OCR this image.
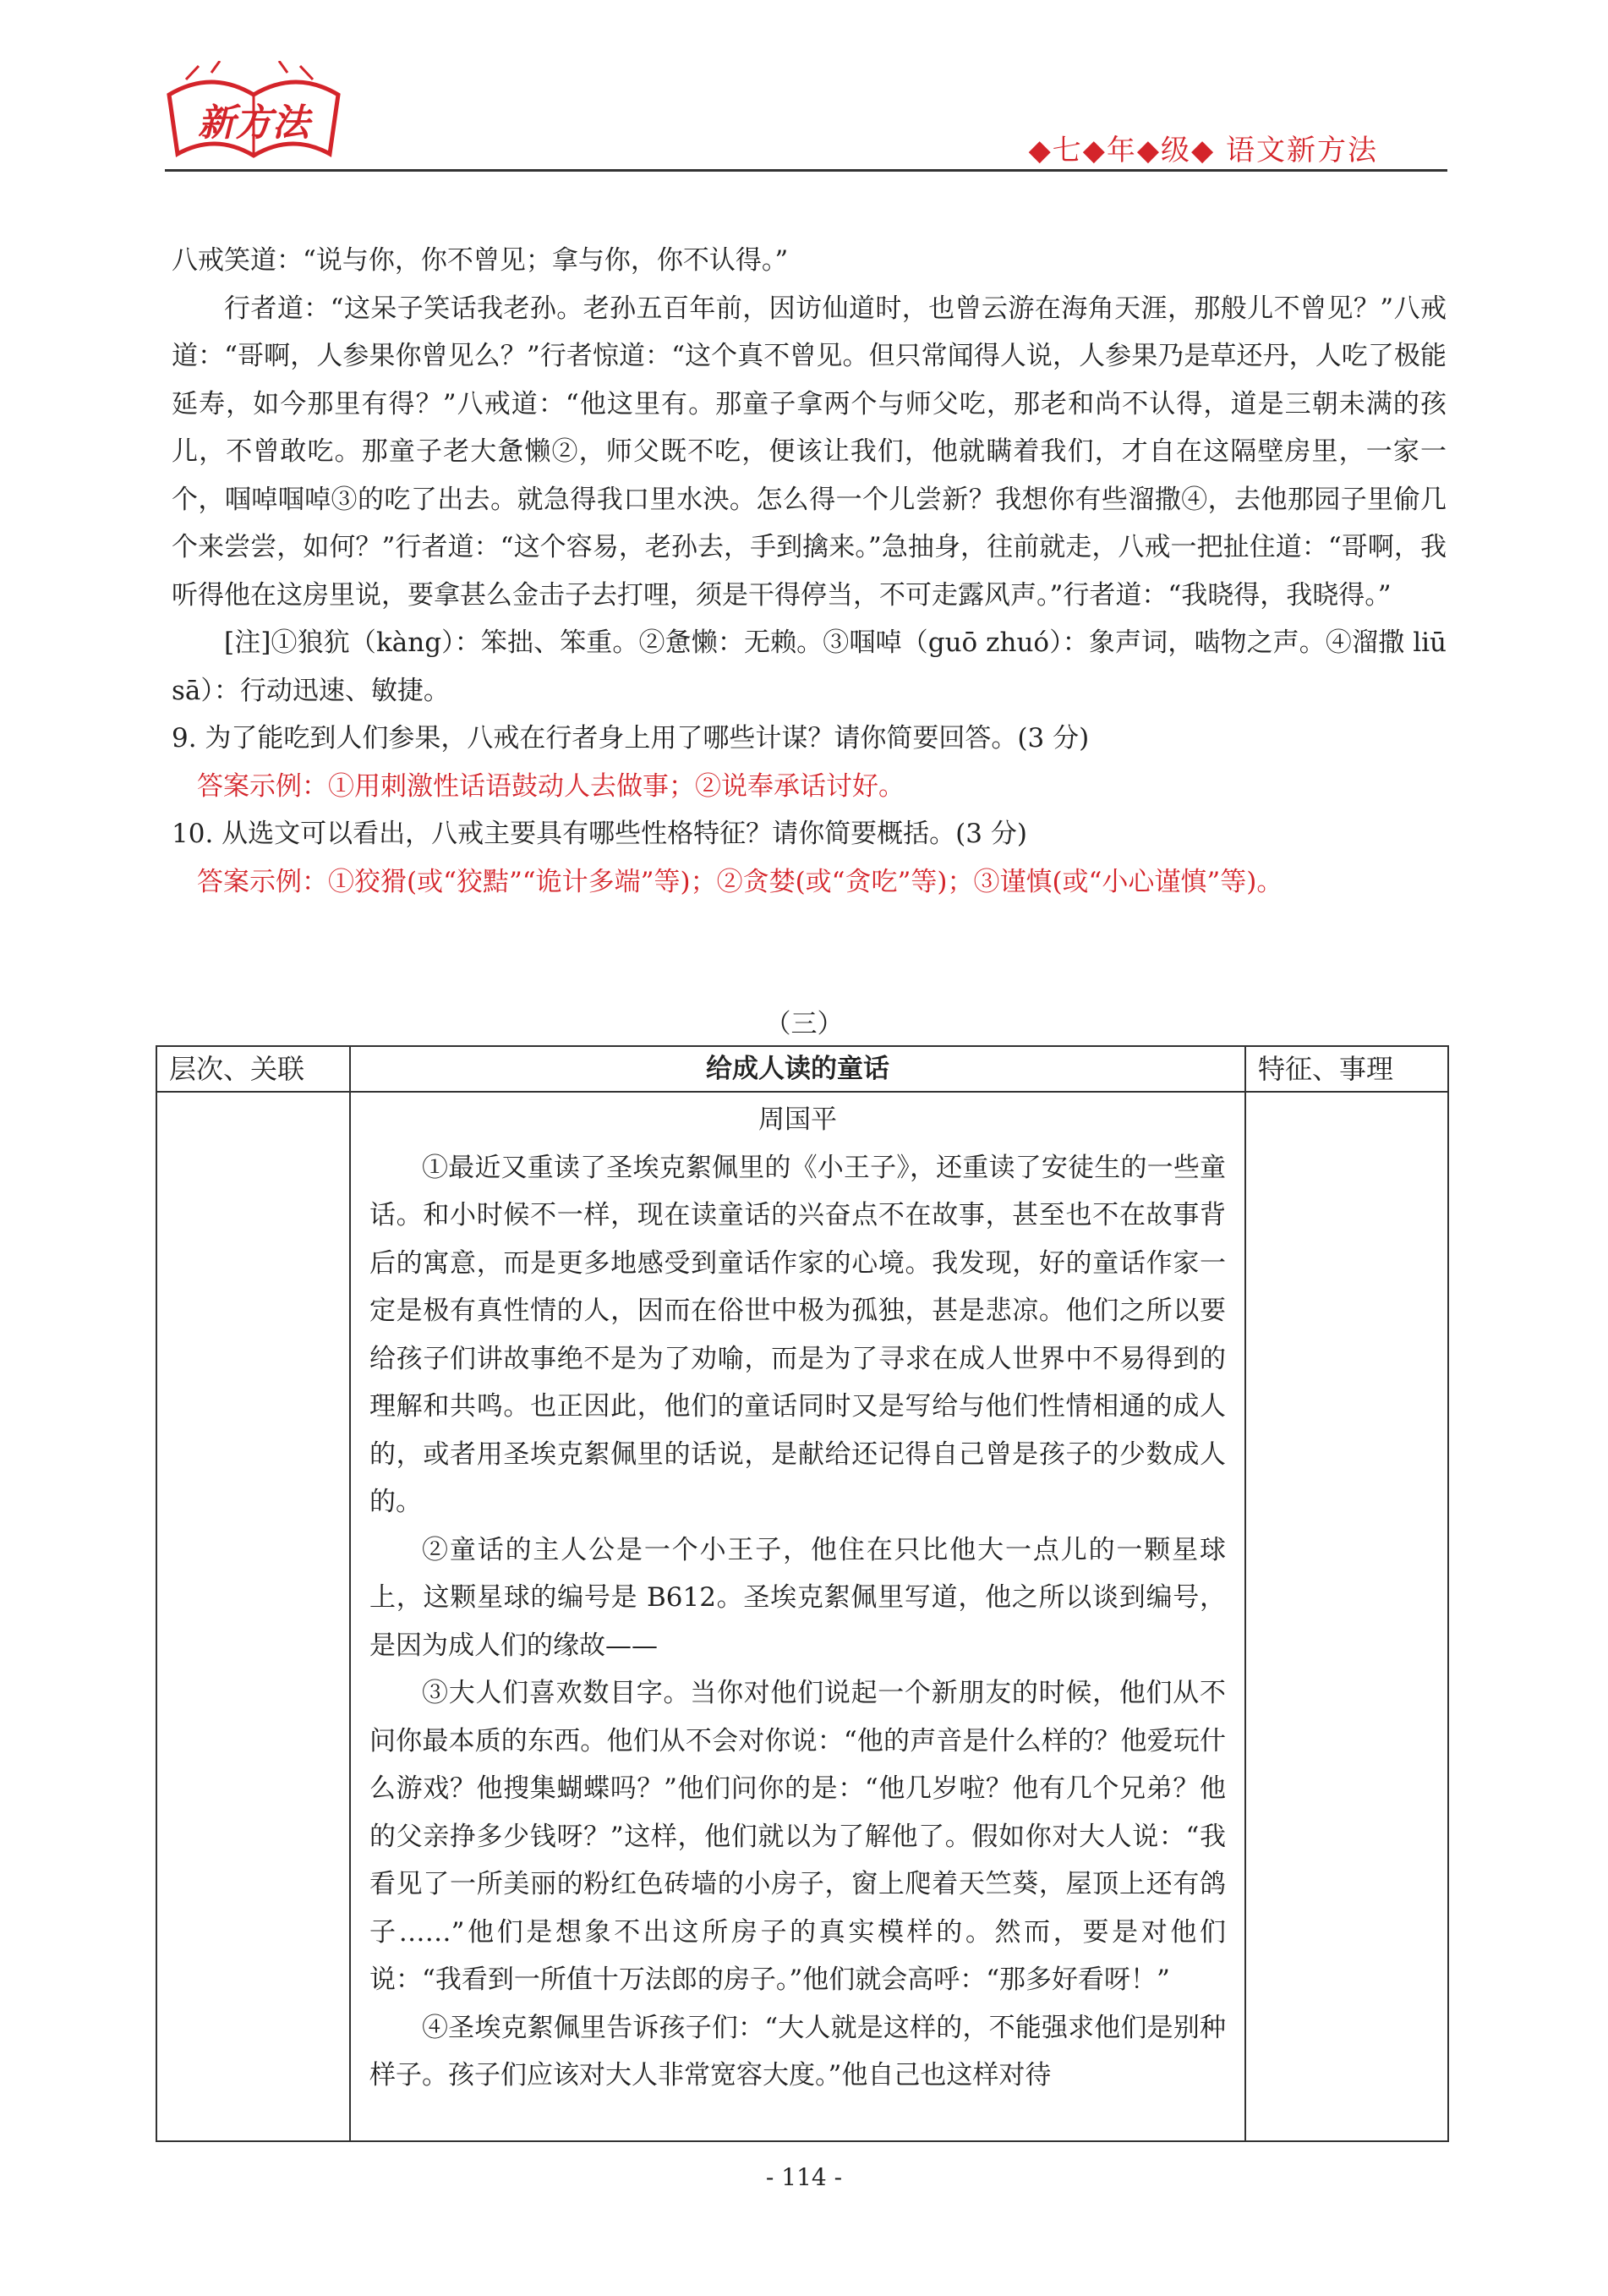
新方法
◆七◆年◆级◆ 语文新方法

八戒笑道：“说与你，你不曾见；拿与你，你不认得。”

行者道：“这呆子笑话我老孙。老孙五百年前，因访仙道时，也曾云游在海角天涯，那般儿不曾见？”八戒道：“哥啊，人参果你曾见么？”行者惊道：“这个真不曾见。但只常闻得人说，人参果乃是草还丹，人吃了极能延寿，如今那里有得？”八戒道：“他这里有。那童子拿两个与师父吃，那老和尚不认得，道是三朝未满的孩儿，不曾敢吃。那童子老大惫懒②，师父既不吃，便该让我们，他就瞒着我们，才自在这隔壁房里，一家一个，啯啅啯啅③的吃了出去。就急得我口里水泱。怎么得一个儿尝新？我想你有些溜撒④，去他那园子里偷几个来尝尝，如何？”行者道：“这个容易，老孙去，手到擒来。”急抽身，往前就走，八戒一把扯住道：“哥啊，我听得他在这房里说，要拿甚么金击子去打哩，须是干得停当，不可走露风声。”行者道：“我晓得，我晓得。”

[注]①狼犺（kàng）：笨拙、笨重。②惫懒：无赖。③啯啅（guō zhuó）：象声词，啮物之声。④溜撒 liū sā）：行动迅速、敏捷。

9. 为了能吃到人们参果，八戒在行者身上用了哪些计谋？请你简要回答。(3 分)

答案示例：①用刺激性话语鼓动人去做事；②说奉承话讨好。

10. 从选文可以看出，八戒主要具有哪些性格特征？请你简要概括。(3 分)

答案示例：①狡猾(或“狡黠”“诡计多端”等)；②贪婪(或“贪吃”等)；③谨慎(或“小心谨慎”等)。

（三）
层次、关联	给成人读的童话

周国平

①最近又重读了圣埃克絮佩里的《小王子》，还重读了安徒生的一些童话。和小时候不一样，现在读童话的兴奋点不在故事，甚至也不在故事背后的寓意，而是更多地感受到童话作家的心境。我发现，好的童话作家一定是极有真性情的人，因而在俗世中极为孤独，甚是悲凉。他们之所以要给孩子们讲故事绝不是为了劝喻，而是为了寻求在成人世界中不易得到的理解和共鸣。也正因此，他们的童话同时又是写给与他们性情相通的成人的，或者用圣埃克絮佩里的话说，是献给还记得自己曾是孩子的少数成人的。

②童话的主人公是一个小王子，他住在只比他大一点儿的一颗星球上，这颗星球的编号是 B612。圣埃克絮佩里写道，他之所以谈到编号，是因为成人们的缘故——

③大人们喜欢数目字。当你对他们说起一个新朋友的时候，他们从不问你最本质的东西。他们从不会对你说：“他的声音是什么样的？他爱玩什么游戏？他搜集蝴蝶吗？”他们问你的是：“他几岁啦？他有几个兄弟？他的父亲挣多少钱呀？”这样，他们就以为了解他了。假如你对大人说：“我看见了一所美丽的粉红色砖墙的小房子，窗上爬着天竺葵，屋顶上还有鸽子……”他们是想象不出这所房子的真实模样的。然而，要是对他们说：“我看到一所值十万法郎的房子。”他们就会高呼：“那多好看呀！”

④圣埃克絮佩里告诉孩子们：“大人就是这样的，不能强求他们是别种样子。孩子们应该对大人非常宽容大度。”他自己也这样对待

特征、事理
- 114 -
